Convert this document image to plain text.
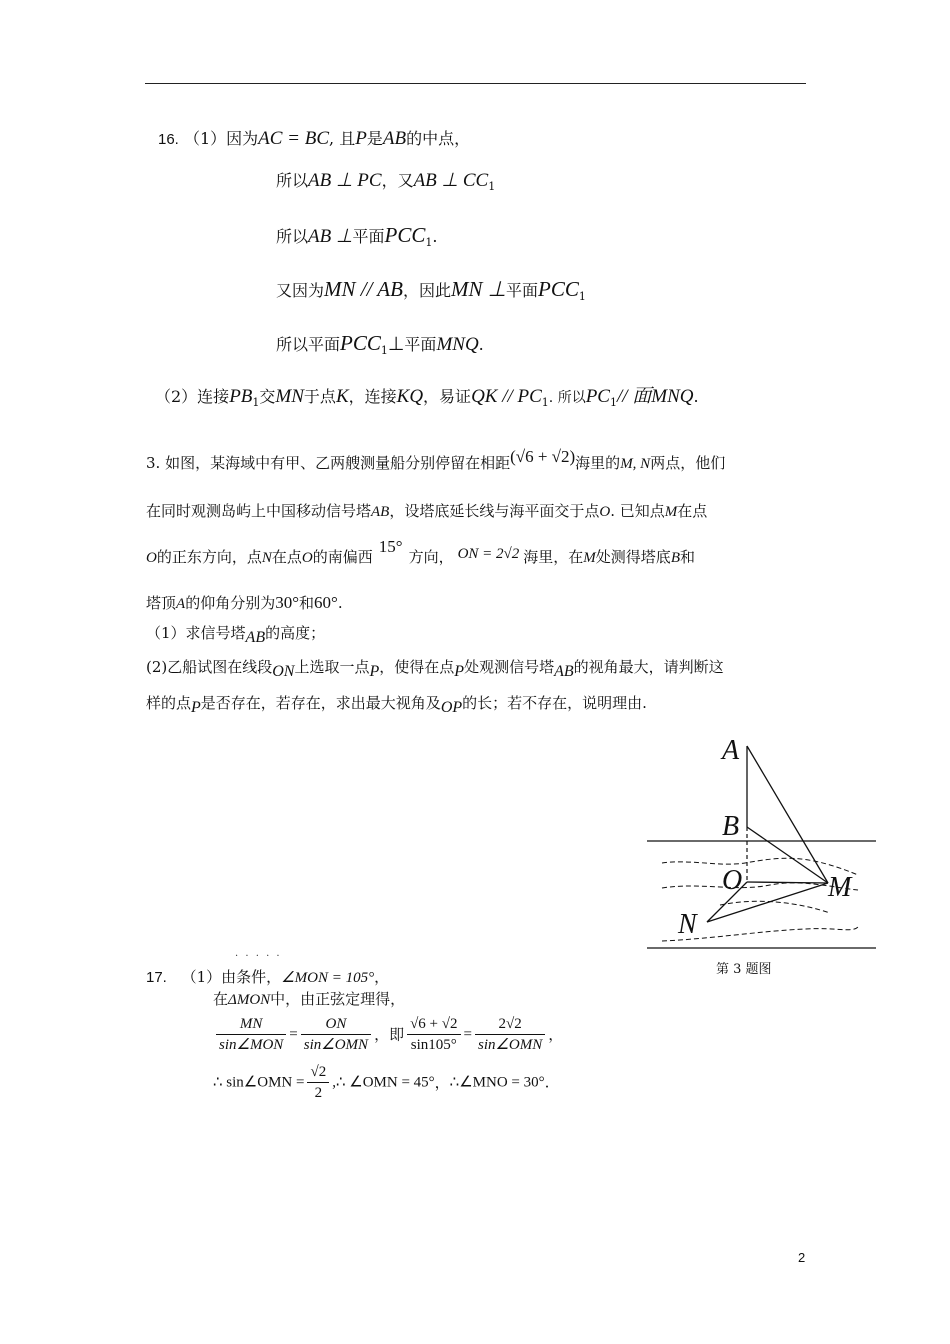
16. （1）因为AC = BC, 且P是AB的中点，
所以AB ⊥ PC，又AB ⊥ $CC_1$
所以AB ⊥平面$PCC_1$.
又因为MN // AB，因此MN ⊥平面$PCC_1$
所以平面$PCC_1\perp$平面MNQ.
（2）连接$PB_1$交MN于点K，连接KQ，易证QK // $PC_1$. 所以$PC_1//$ 面MNQ.
3. 如图，某海域中有甲、乙两艘测量船分别停留在相距(√6 + √2)海里的M, N两点，他们
在同时观测岛屿上中国移动信号塔AB，设塔底延长线与海平面交于点O. 已知点M在点
O的正东方向，点N在点O的南偏西15°方向， ON = 2√2 海里，在M处测得塔底B和
塔顶A的仰角分别为30°和60°.
（1）求信号塔AB的高度；
(2)乙船试图在线段ON上选取一点P，使得在点P处观测信号塔AB的视角最大，请判断这
样的点P是否存在，若存在，求出最大视角及OP的长；若不存在，说明理由.
A
B
O	M
N
第 3 题图
. . . . .
17. （1）由条件，∠MON = 105°，
在ΔMON中，由正弦定理得，
$\frac{MN}{\text{sin∠MON}} = \frac{ON}{\text{sin∠OMN}}$ ，即 $\frac{√6 + √2}{\sin 105^\circ} = \frac{2√2}{\text{sin∠OMN}}$ ，
∴ sin∠OMN = $\frac{√2}{2}$ ,∴ ∠OMN = 45°，∴∠MNO = 30°.
2
